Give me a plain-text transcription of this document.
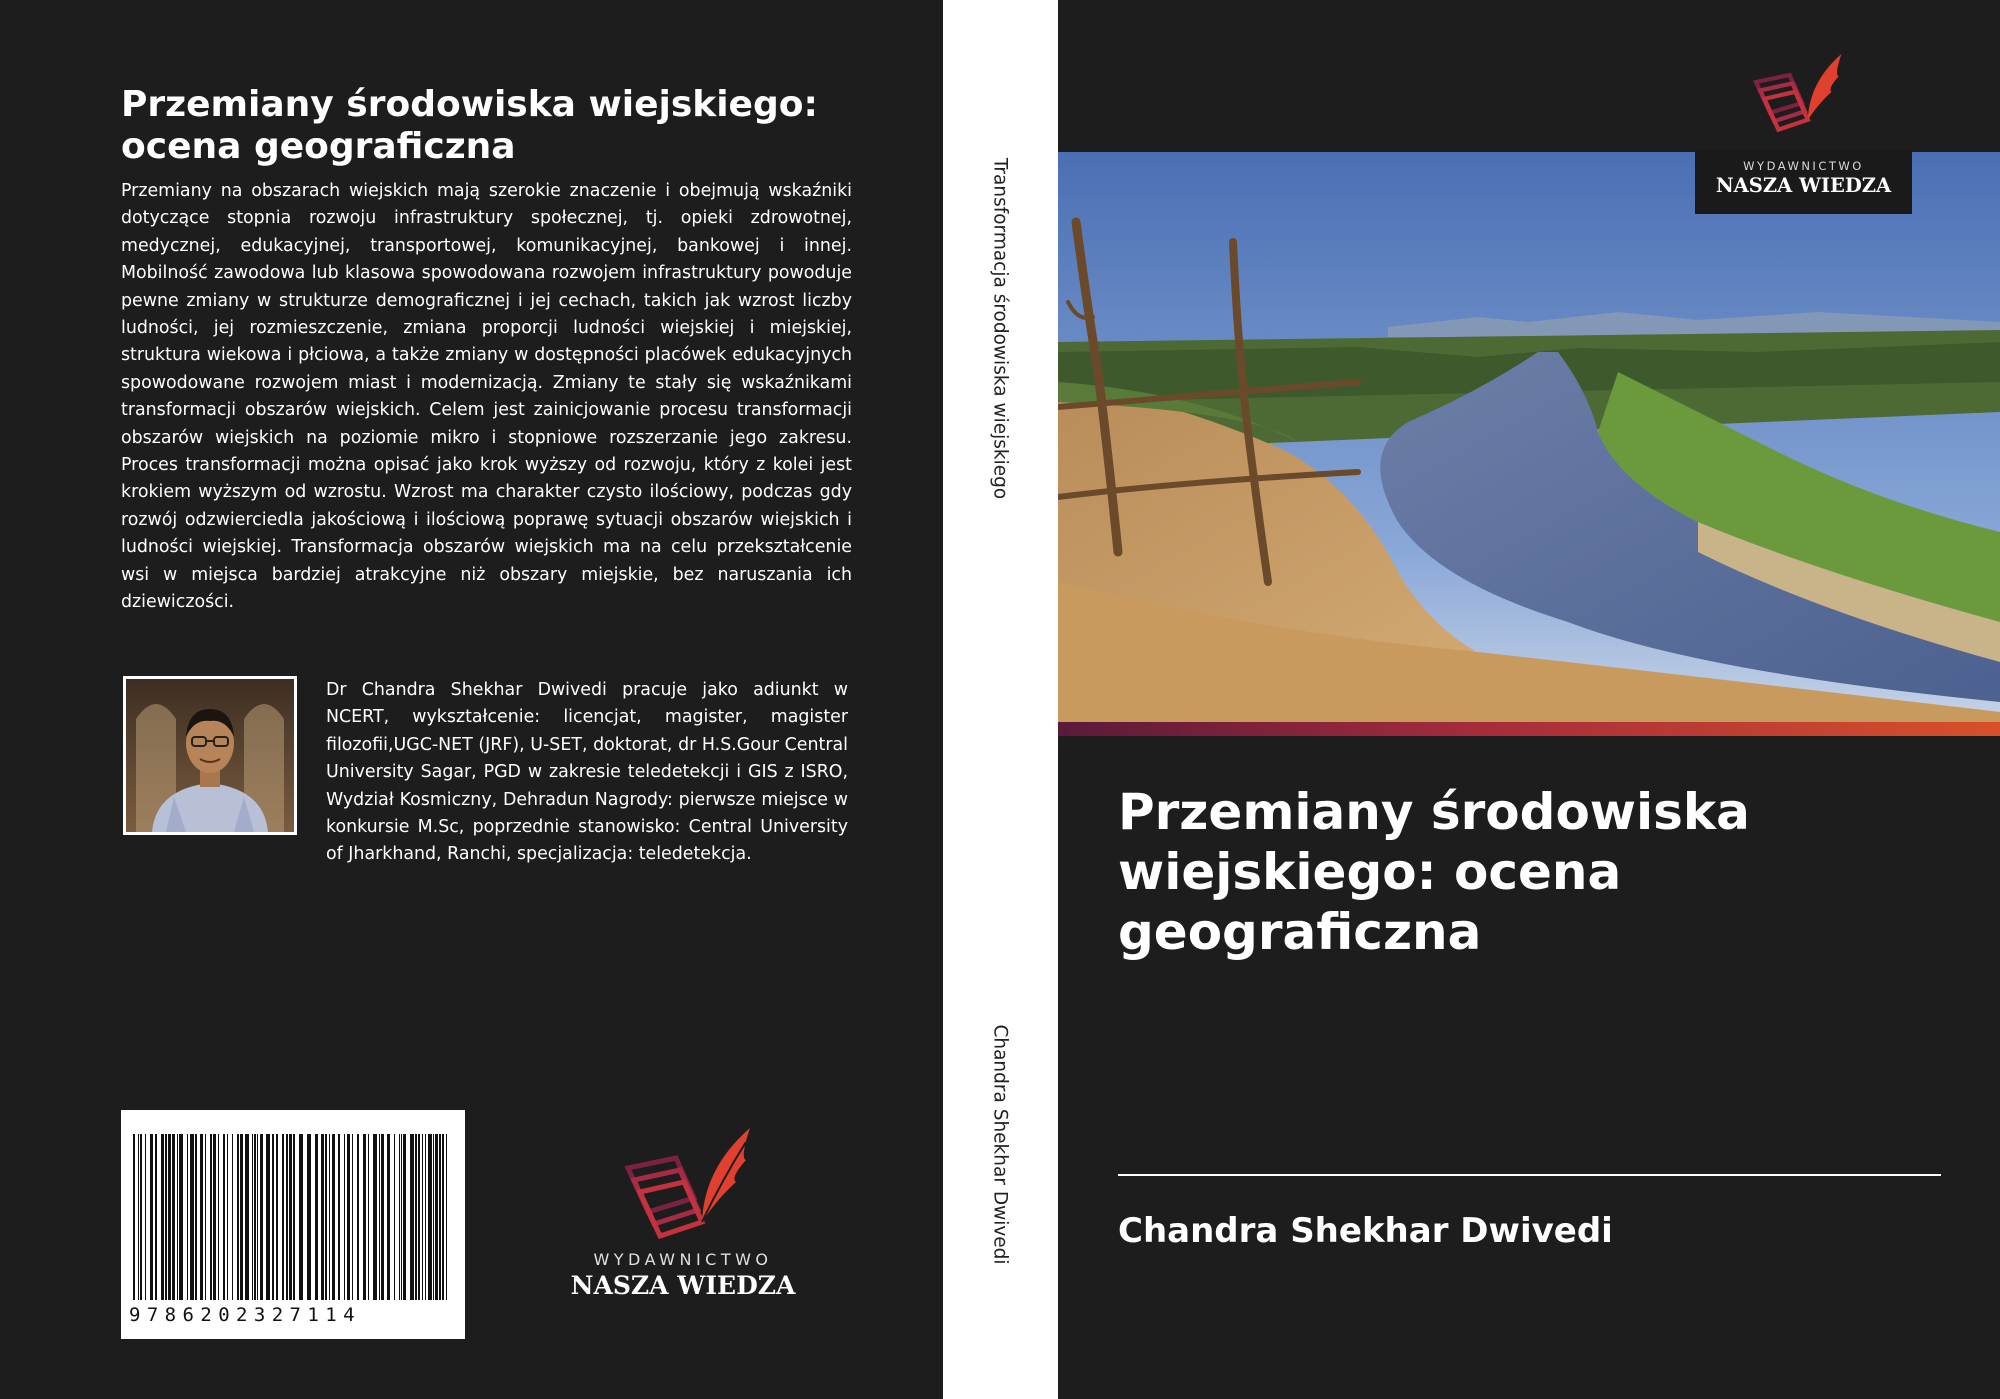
Przemiany środowiska wiejskiego: ocena geograficzna

Przemiany na obszarach wiejskich mają szerokie znaczenie i obejmują wskaźniki dotyczące stopnia rozwoju infrastruktury społecznej, tj. opieki zdrowotnej, medycznej, edukacyjnej, transportowej, komunikacyjnej, bankowej i innej. Mobilność zawodowa lub klasowa spowodowana rozwojem infrastruktury powoduje pewne zmiany w strukturze demograficznej i jej cechach, takich jak wzrost liczby ludności, jej rozmieszczenie, zmiana proporcji ludności wiejskiej i miejskiej, struktura wiekowa i płciowa, a także zmiany w dostępności placówek edukacyjnych spowodowane rozwojem miast i modernizacją. Zmiany te stały się wskaźnikami transformacji obszarów wiejskich. Celem jest zainicjowanie procesu transformacji obszarów wiejskich na poziomie mikro i stopniowe rozszerzanie jego zakresu. Proces transformacji można opisać jako krok wyższy od rozwoju, który z kolei jest krokiem wyższym od wzrostu. Wzrost ma charakter czysto ilościowy, podczas gdy rozwój odzwierciedla jakościową i ilościową poprawę sytuacji obszarów wiejskich i ludności wiejskiej. Transformacja obszarów wiejskich ma na celu przekształcenie wsi w miejsca bardziej atrakcyjne niż obszary miejskie, bez naruszania ich dziewiczości.

Dr Chandra Shekhar Dwivedi pracuje jako adiunkt w NCERT, wykształcenie: licencjat, magister, magister filozofii,UGC-NET (JRF), U-SET, doktorat, dr H.S.Gour Central University Sagar, PGD w zakresie teledetekcji i GIS z ISRO, Wydział Kosmiczny, Dehradun Nagrody: pierwsze miejsce w konkursie M.Sc, poprzednie stanowisko: Central University of Jharkhand, Ranchi, specjalizacja: teledetekcja.

9786202327114
WYDAWNICTWO
NASZA WIEDZA
Transformacja środowiska wiejskiego
Chandra Shekhar Dwivedi
WYDAWNICTWO
NASZA WIEDZA
Przemiany środowiska wiejskiego: ocena geograficzna
Chandra Shekhar Dwivedi
